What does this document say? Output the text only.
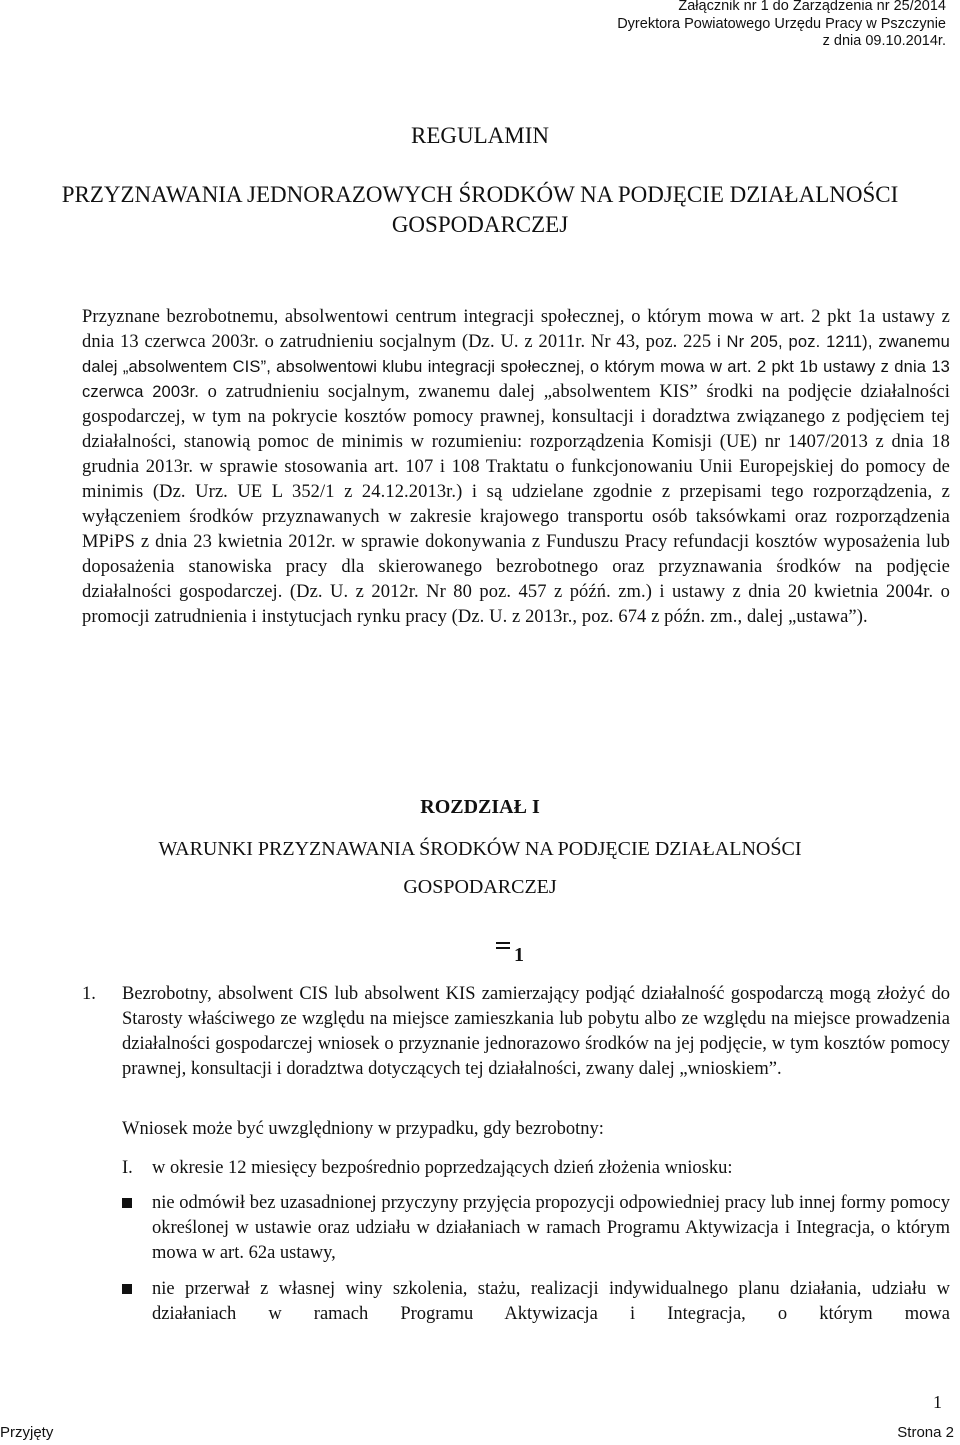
Załącznik nr 1 do Zarządzenia nr 25/2014
Dyrektora Powiatowego Urzędu Pracy w Pszczynie
z dnia 09.10.2014r.
REGULAMIN
PRZYZNAWANIA JEDNORAZOWYCH ŚRODKÓW NA PODJĘCIE DZIAŁALNOŚCI GOSPODARCZEJ

Przyznane bezrobotnemu, absolwentowi centrum integracji społecznej, o którym mowa w art. 2 pkt 1a ustawy z dnia 13 czerwca 2003r. o zatrudnieniu socjalnym (Dz. U. z 2011r. Nr 43, poz. 225 i Nr 205, poz. 1211), zwanemu dalej „absolwentem CIS”, absolwentowi klubu integracji społecznej, o którym mowa w art. 2 pkt 1b ustawy z dnia 13 czerwca 2003r. o zatrudnieniu socjalnym, zwanemu dalej „absolwentem KIS” środki na podjęcie działalności gospodarczej, w tym na pokrycie kosztów pomocy prawnej, konsultacji i doradztwa związanego z podjęciem tej działalności, stanowią pomoc de minimis w rozumieniu: rozporządzenia Komisji (UE) nr 1407/2013 z dnia 18 grudnia 2013r. w sprawie stosowania art. 107 i 108 Traktatu o funkcjonowaniu Unii Europejskiej do pomocy de minimis (Dz. Urz. UE L 352/1 z 24.12.2013r.) i są udzielane zgodnie z przepisami tego rozporządzenia, z wyłączeniem środków przyznawanych w zakresie krajowego transportu osób taksówkami oraz rozporządzenia MPiPS z dnia 23 kwietnia 2012r. w sprawie dokonywania z Funduszu Pracy refundacji kosztów wyposażenia lub doposażenia stanowiska pracy dla skierowanego bezrobotnego oraz przyznawania środków na podjęcie działalności gospodarczej. (Dz. U. z 2012r. Nr 80 poz. 457 z późń. zm.) i ustawy z dnia 20 kwietnia 2004r. o promocji zatrudnienia i instytucjach rynku pracy (Dz. U. z 2013r., poz. 674 z późn. zm., dalej „ustawa”).

ROZDZIAŁ I
WARUNKI PRZYZNAWANIA ŚRODKÓW NA PODJĘCIE DZIAŁALNOŚCI GOSPODARCZEJ
1
1. Bezrobotny, absolwent CIS lub absolwent KIS zamierzający podjąć działalność gospodarczą mogą złożyć do Starosty właściwego ze względu na miejsce zamieszkania lub pobytu albo ze względu na miejsce prowadzenia działalności gospodarczej wniosek o przyznanie jednorazowo środków na jej podjęcie, w tym kosztów pomocy prawnej, konsultacji i doradztwa dotyczących tej działalności, zwany dalej „wnioskiem”.
Wniosek może być uwzględniony w przypadku, gdy bezrobotny:
I. w okresie 12 miesięcy bezpośrednio poprzedzających dzień złożenia wniosku:
nie odmówił bez uzasadnionej przyczyny przyjęcia propozycji odpowiedniej pracy lub innej formy pomocy określonej w ustawie oraz udziału w działaniach w ramach Programu Aktywizacja i Integracja, o którym mowa w art. 62a ustawy,
nie przerwał z własnej winy szkolenia, stażu, realizacji indywidualnego planu działania, udziału w działaniach w ramach Programu Aktywizacja i Integracja, o którym mowa
1
Przyjęty	Strona 2
